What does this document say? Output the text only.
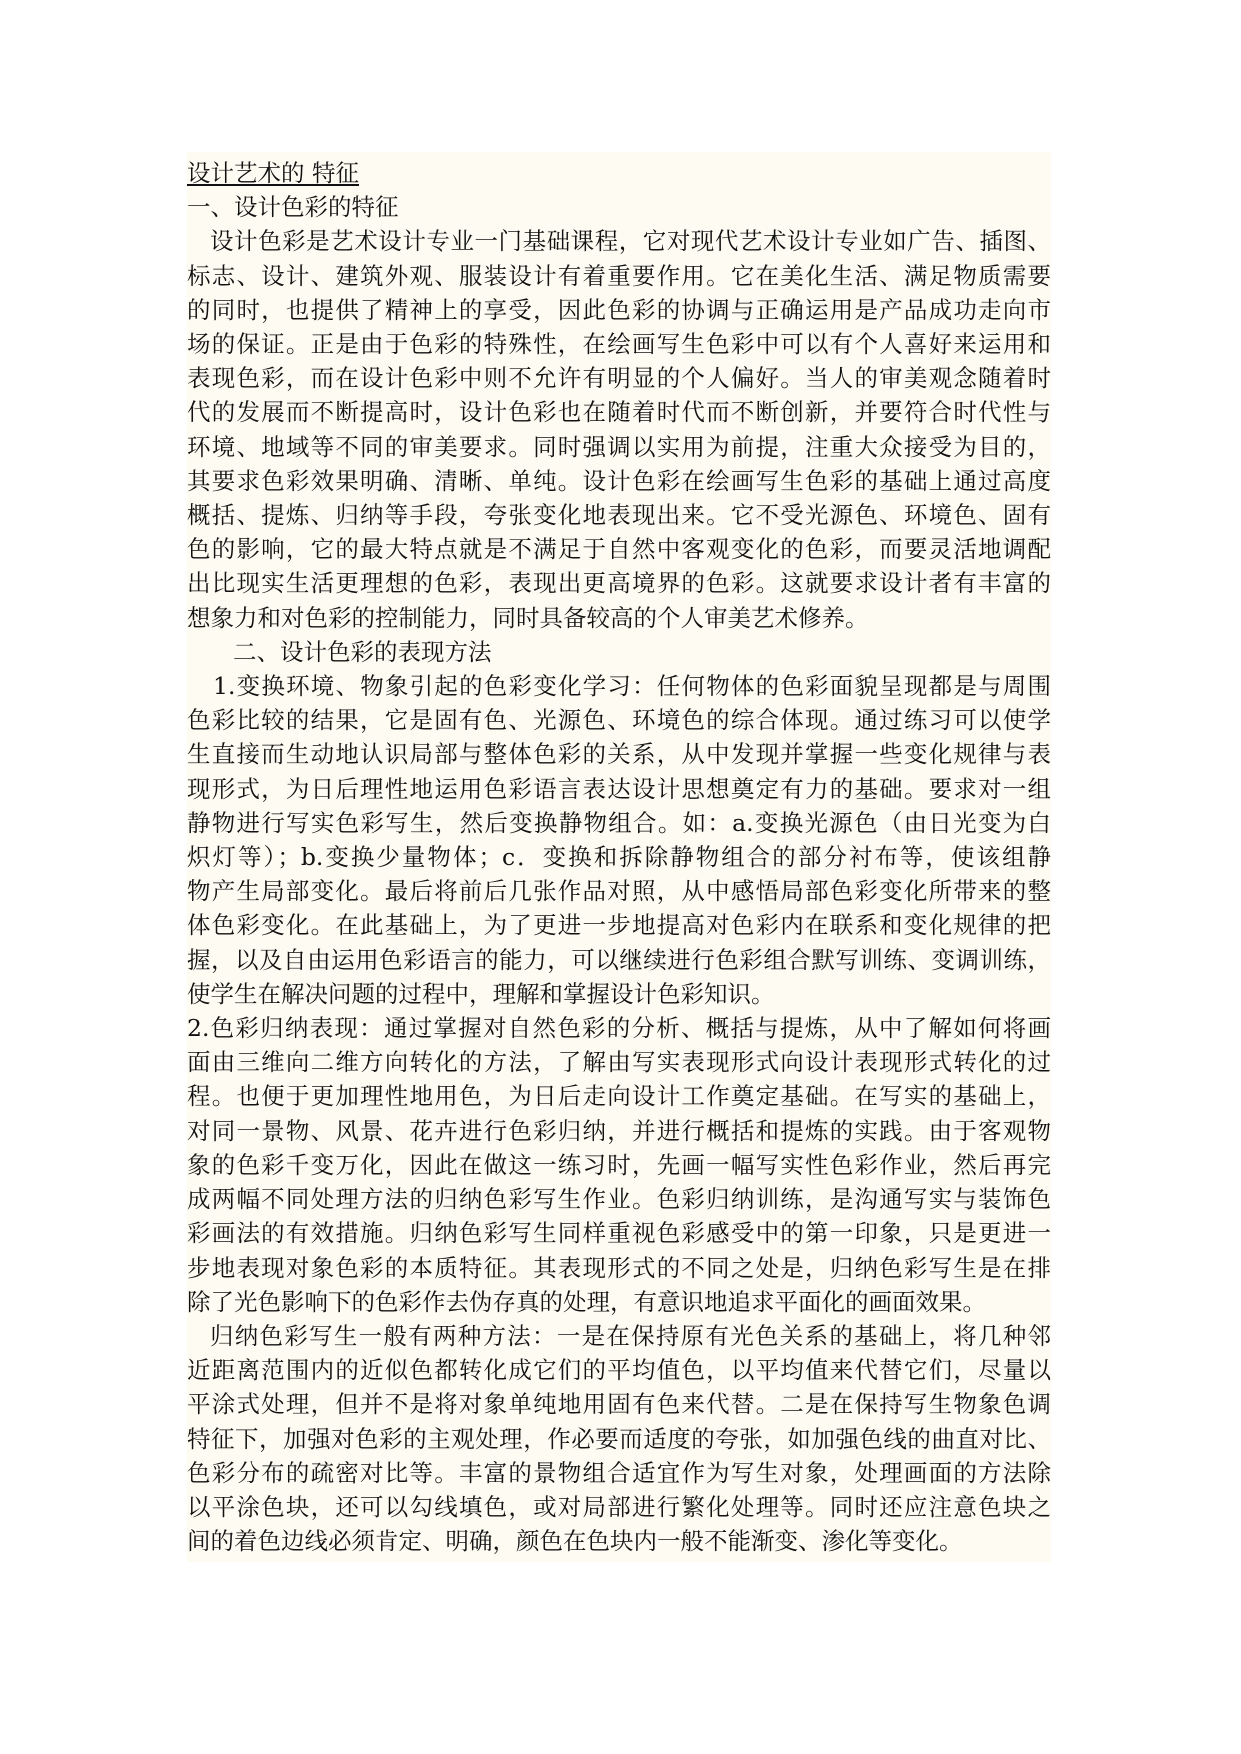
设计艺术的 特征
一、设计色彩的特征
设计色彩是艺术设计专业一门基础课程，它对现代艺术设计专业如广告、插图、
标志、设计、建筑外观、服装设计有着重要作用。它在美化生活、满足物质需要
的同时，也提供了精神上的享受，因此色彩的协调与正确运用是产品成功走向市
场的保证。正是由于色彩的特殊性，在绘画写生色彩中可以有个人喜好来运用和
表现色彩，而在设计色彩中则不允许有明显的个人偏好。当人的审美观念随着时
代的发展而不断提高时，设计色彩也在随着时代而不断创新，并要符合时代性与
环境、地域等不同的审美要求。同时强调以实用为前提，注重大众接受为目的，
其要求色彩效果明确、清晰、单纯。设计色彩在绘画写生色彩的基础上通过高度
概括、提炼、归纳等手段，夸张变化地表现出来。它不受光源色、环境色、固有
色的影响，它的最大特点就是不满足于自然中客观变化的色彩，而要灵活地调配
出比现实生活更理想的色彩，表现出更高境界的色彩。这就要求设计者有丰富的
想象力和对色彩的控制能力，同时具备较高的个人审美艺术修养。
二、设计色彩的表现方法
1.变换环境、物象引起的色彩变化学习：任何物体的色彩面貌呈现都是与周围
色彩比较的结果，它是固有色、光源色、环境色的综合体现。通过练习可以使学
生直接而生动地认识局部与整体色彩的关系，从中发现并掌握一些变化规律与表
现形式，为日后理性地运用色彩语言表达设计思想奠定有力的基础。要求对一组
静物进行写实色彩写生，然后变换静物组合。如：a.变换光源色（由日光变为白
炽灯等）；b.变换少量物体；c．变换和拆除静物组合的部分衬布等，使该组静
物产生局部变化。最后将前后几张作品对照，从中感悟局部色彩变化所带来的整
体色彩变化。在此基础上，为了更进一步地提高对色彩内在联系和变化规律的把
握，以及自由运用色彩语言的能力，可以继续进行色彩组合默写训练、变调训练，
使学生在解决问题的过程中，理解和掌握设计色彩知识。
2.色彩归纳表现：通过掌握对自然色彩的分析、概括与提炼，从中了解如何将画
面由三维向二维方向转化的方法，了解由写实表现形式向设计表现形式转化的过
程。也便于更加理性地用色，为日后走向设计工作奠定基础。在写实的基础上，
对同一景物、风景、花卉进行色彩归纳，并进行概括和提炼的实践。由于客观物
象的色彩千变万化，因此在做这一练习时，先画一幅写实性色彩作业，然后再完
成两幅不同处理方法的归纳色彩写生作业。色彩归纳训练，是沟通写实与装饰色
彩画法的有效措施。归纳色彩写生同样重视色彩感受中的第一印象，只是更进一
步地表现对象色彩的本质特征。其表现形式的不同之处是，归纳色彩写生是在排
除了光色影响下的色彩作去伪存真的处理，有意识地追求平面化的画面效果。
归纳色彩写生一般有两种方法：一是在保持原有光色关系的基础上，将几种邻
近距离范围内的近似色都转化成它们的平均值色，以平均值来代替它们，尽量以
平涂式处理，但并不是将对象单纯地用固有色来代替。二是在保持写生物象色调
特征下，加强对色彩的主观处理，作必要而适度的夸张，如加强色线的曲直对比、
色彩分布的疏密对比等。丰富的景物组合适宜作为写生对象，处理画面的方法除
以平涂色块，还可以勾线填色，或对局部进行繁化处理等。同时还应注意色块之
间的着色边线必须肯定、明确，颜色在色块内一般不能渐变、渗化等变化。
